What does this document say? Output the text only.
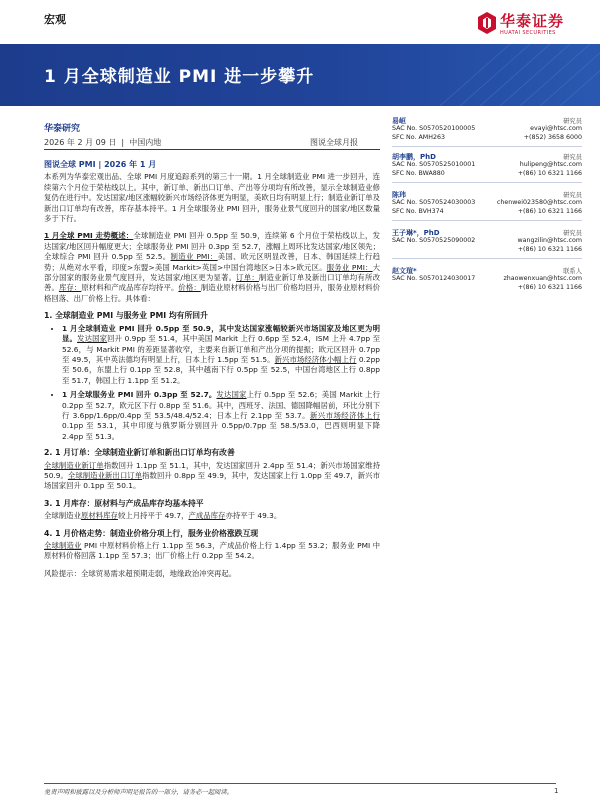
宏观	华泰证券
HUATAI SECURITIES
1 月全球制造业 PMI 进一步攀升
华泰研究
2026 年 2 月 09 日  |  中国内地	图说全球月报
图说全球 PMI | 2026 年 1 月

本系列为华泰宏观出品、全球 PMI 月度追踪系列的第三十一期。1 月全球制造业 PMI 进一步回升，连续第六个月位于荣枯线以上。其中，新订单、新出口订单、产出等分项均有所改善，显示全球制造业修复仍在进行中。发达国家/地区涨幅较新兴市场经济体更为明显，美欧日均有明显上行；制造业新订单及新出口订单均有改善，库存基本持平。1 月全球服务业 PMI 回升，服务业景气度回升的国家/地区数量多于下行。

1 月全球 PMI 走势概述：全球制造业 PMI 回升 0.5pp 至 50.9，连续第 6 个月位于荣枯线以上，发达国家/地区回升幅度更大；全球服务业 PMI 回升 0.3pp 至 52.7，涨幅上周环比发达国家/地区领先；全球综合 PMI 回升 0.5pp 至 52.5。制造业 PMI：美国、欧元区明显改善，日本、韩国延续上行趋势；从绝对水平看，印度>东盟>美国 Markit>英国>中国台湾地区>日本>欧元区。服务业 PMI：大部分国家的服务业景气度回升，发达国家/地区更为显著。订单：制造业新订单及新出口订单均有所改善。库存：原材料和产成品库存均持平。价格：制造业原材料价格与出厂价格均回升，服务业原材料价格回落、出厂价格上行。具体看：

1. 全球制造业 PMI 与服务业 PMI 均有所回升
• 1 月全球制造业 PMI 回升 0.5pp 至 50.9，其中发达国家涨幅较新兴市场国家及地区更为明显。发达国家回升 0.9pp 至 51.4，其中美国 Markit 上行 0.6pp 至 52.4，ISM 上升 4.7pp 至 52.6，与 Markit PMI 的差距显著收窄，主要来自新订单和产出分项的提振；欧元区回升 0.7pp 至 49.5，其中英法德均有明显上行，日本上行 1.5pp 至 51.5。新兴市场经济体小幅上行 0.2pp 至 50.6，东盟上行 0.1pp 至 52.8，其中越南下行 0.5pp 至 52.5，中国台湾地区上行 0.8pp 至 51.7，韩国上行 1.1pp 至 51.2。
• 1 月全球服务业 PMI 回升 0.3pp 至 52.7。发达国家上行 0.5pp 至 52.6；美国 Markit 上行 0.2pp 至 52.7，欧元区下行 0.8pp 至 51.6。其中，西班牙、法国、德国降幅居前，环比分别下行 3.6pp/1.6pp/0.4pp 至 53.5/48.4/52.4；日本上行 2.1pp 至 53.7。新兴市场经济体上行 0.1pp 至 53.1，其中印度与俄罗斯分别回升 0.5pp/0.7pp 至 58.5/53.0，巴西则明显下降 2.4pp 至 51.3。
2. 1 月订单：全球制造业新订单和新出口订单均有改善

全球制造业新订单指数回升 1.1pp 至 51.1，其中，发达国家回升 2.4pp 至 51.4；新兴市场国家维持 50.9。全球制造业新出口订单指数回升 0.8pp 至 49.9，其中，发达国家上行 1.0pp 至 49.7，新兴市场国家回升 0.1pp 至 50.1。

3. 1 月库存：原材料与产成品库存均基本持平

全球制造业原材料库存较上月持平于 49.7，产成品库存亦持平于 49.3。

4. 1 月价格走势：制造业价格分项上行，服务业价格涨跌互现

全球制造业 PMI 中原材料价格上行 1.1pp 至 56.3，产成品价格上行 1.4pp 至 53.2；服务业 PMI 中原材料价格回落 1.1pp 至 57.3；出厂价格上行 0.2pp 至 54.2。

风险提示：全球贸易需求超预期走弱，地缘政治冲突再起。

易峘	研究员
SAC No. S0570520100005	evayi@htsc.com
SFC No. AMH263	+(852) 3658 6000
胡李鹏，PhD	研究员
SAC No. S0570525010001	hulipeng@htsc.com
SFC No. BWA880	+(86) 10 6321 1166
陈玮	研究员
SAC No. S0570524030003	chenwei023580@htsc.com
SFC No. BVH374	+(86) 10 6321 1166
王子琳*，PhD	研究员
SAC No. S0570525090002	wangzilin@htsc.com
+(86) 10 6321 1166
赵文瑄*	联系人
SAC No. S0570124030017	zhaowenxuan@htsc.com
+(86) 10 6321 1166
免责声明和披露以及分析师声明是报告的一部分，请务必一起阅读。	1
